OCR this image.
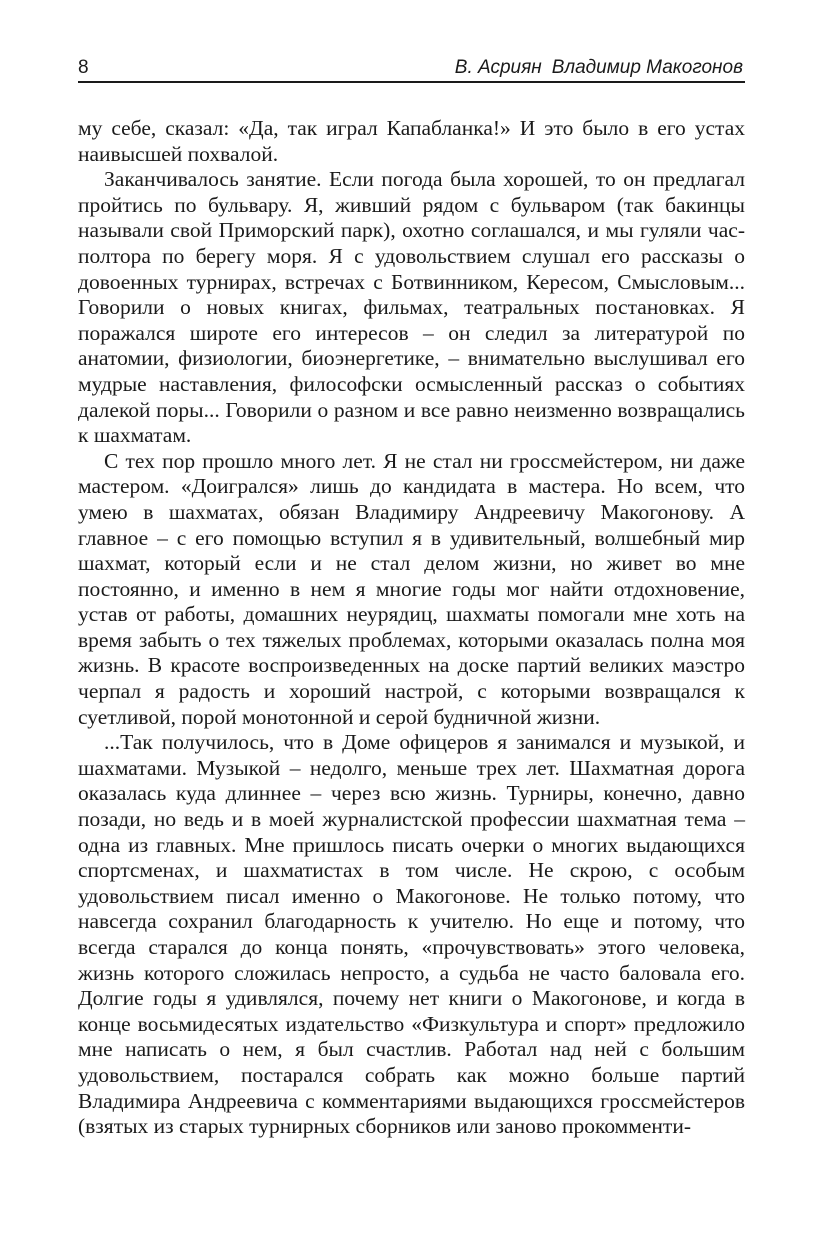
8	В. Асриян Владимир Макогонов

му себе, сказал: «Да, так играл Капабланка!» И это было в его устах наивысшей похвалой.

Заканчивалось занятие. Если погода была хорошей, то он предлагал пройтись по бульвару. Я, живший рядом с бульваром (так бакинцы называли свой Приморский парк), охотно соглашался, и мы гуляли час-полтора по берегу моря. Я с удовольствием слушал его рассказы о довоенных турнирах, встречах с Ботвинником, Кересом, Смысловым... Говорили о новых книгах, фильмах, театральных постановках. Я поражался широте его интересов – он следил за литературой по анатомии, физиологии, биоэнергетике, – внимательно выслушивал его мудрые наставления, философски осмысленный рассказ о событиях далекой поры... Говорили о разном и все равно неизменно возвращались к шахматам.

С тех пор прошло много лет. Я не стал ни гроссмейстером, ни даже мастером. «Доигрался» лишь до кандидата в мастера. Но всем, что умею в шахматах, обязан Владимиру Андреевичу Макогонову. А главное – с его помощью вступил я в удивительный, волшебный мир шахмат, который если и не стал делом жизни, но живет во мне постоянно, и именно в нем я многие годы мог найти отдохновение, устав от работы, домашних неурядиц, шахматы помогали мне хоть на время забыть о тех тяжелых проблемах, которыми оказалась полна моя жизнь. В красоте воспроизведенных на доске партий великих маэстро черпал я радость и хороший настрой, с которыми возвращался к суетливой, порой монотонной и серой будничной жизни.

...Так получилось, что в Доме офицеров я занимался и музыкой, и шахматами. Музыкой – недолго, меньше трех лет. Шахматная дорога оказалась куда длиннее – через всю жизнь. Турниры, конечно, давно позади, но ведь и в моей журналистской профессии шахматная тема – одна из главных. Мне пришлось писать очерки о многих выдающихся спортсменах, и шахматистах в том числе. Не скрою, с особым удовольствием писал именно о Макогонове. Не только потому, что навсегда сохранил благодарность к учителю. Но еще и потому, что всегда старался до конца понять, «прочувствовать» этого человека, жизнь которого сложилась непросто, а судьба не часто баловала его. Долгие годы я удивлялся, почему нет книги о Макогонове, и когда в конце восьмидесятых издательство «Физкультура и спорт» предложило мне написать о нем, я был счастлив. Работал над ней с большим удовольствием, постарался собрать как можно больше партий Владимира Андреевича с комментариями выдающихся гроссмейстеров (взятых из старых турнирных сборников или заново прокомменти-
